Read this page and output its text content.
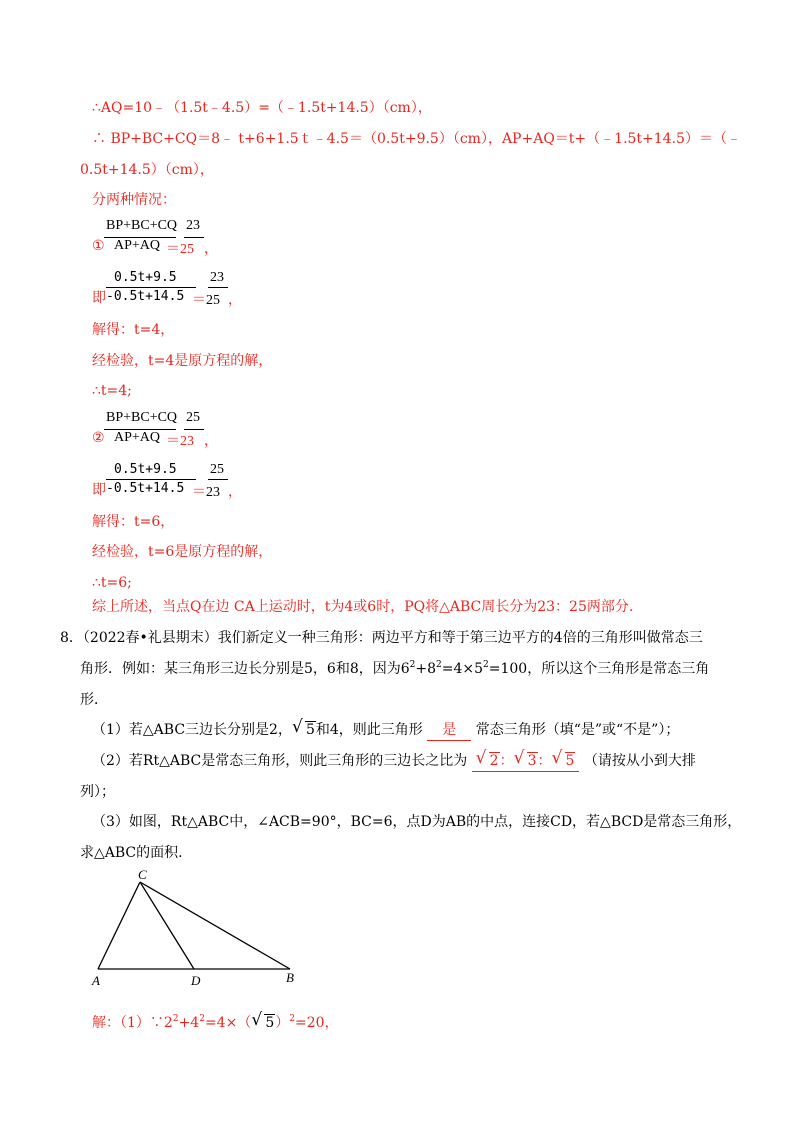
∴AQ=10﹣（1.5t﹣4.5）=（﹣1.5t+14.5）（cm），
∴ BP+BC+CQ＝8﹣ t+6+1.5ｔ﹣4.5＝（0.5t+9.5）（cm），AP+AQ＝t+（﹣1.5t+14.5）＝（﹣
0.5t+14.5）（cm），
分两种情况：
①
BP+BC+CQ
AP+AQ
23
＝25 ，
即
0.5t+9.5
-0.5t+14.5
23
＝25 ，
解得：t=4，
经检验，t=4是原方程的解，
∴t=4;
②
BP+BC+CQ
AP+AQ
25
＝23 ，
即
0.5t+9.5
-0.5t+14.5
25
＝23 ，
解得：t=6，
经检验，t=6是原方程的解，
∴t=6;
综上所述，当点Q在边 CA上运动时，t为4或6时，PQ将△ABC周长分为23：25两部分.
8．（2022春•礼县期末）我们新定义一种三角形：两边平方和等于第三边平方的4倍的三角形叫做常态三
角形．例如：某三角形三边长分别是5，6和8，因为$6^2+8^2=4\times 5^2=100$，所以这个三角形是常态三角
形．
（1）若△ABC三边长分别是2， √ 5和4，则此三角形 是 常态三角形（填“是”或“不是”）；
（2）若Rt△ABC是常态三角形，则此三角形的三边长之比为 √ 2： √ 3： √ 5 （请按从小到大排
列）；
（3）如图，Rt△ABC中，∠ACB=90°，BC=6，点D为AB的中点，连接CD，若△BCD是常态三角形，
求△ABC的面积.
C
A	D	B
解：$(1)\because 2^2+4^2=4\times$（ √ 5）$^2$=20，
